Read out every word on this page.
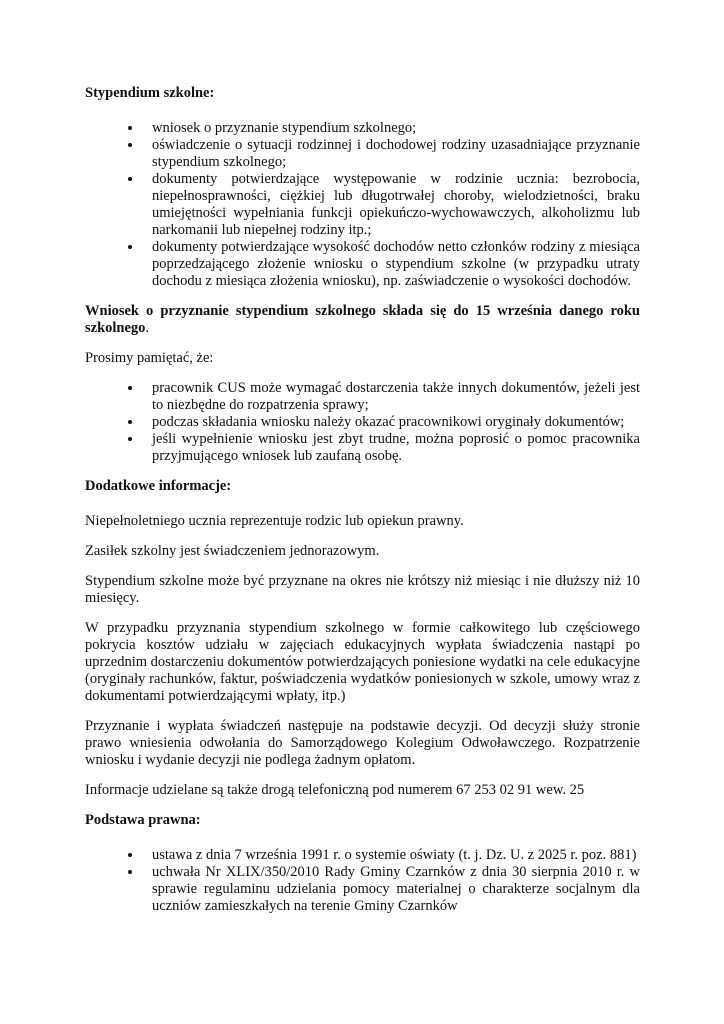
Stypendium szkolne:

• wniosek o przyznanie stypendium szkolnego;
• oświadczenie o sytuacji rodzinnej i dochodowej rodziny uzasadniające przyznanie stypendium szkolnego;
• dokumenty potwierdzające występowanie w rodzinie ucznia: bezrobocia, niepełnosprawności, ciężkiej lub długotrwałej choroby, wielodzietności, braku umiejętności wypełniania funkcji opiekuńczo-wychowawczych, alkoholizmu lub narkomanii lub niepełnej rodziny itp.;
• dokumenty potwierdzające wysokość dochodów netto członków rodziny z miesiąca poprzedzającego złożenie wniosku o stypendium szkolne (w przypadku utraty dochodu z miesiąca złożenia wniosku), np. zaświadczenie o wysokości dochodów.

Wniosek o przyznanie stypendium szkolnego składa się do 15 września danego roku szkolnego.

Prosimy pamiętać, że:

• pracownik CUS może wymagać dostarczenia także innych dokumentów, jeżeli jest to niezbędne do rozpatrzenia sprawy;
• podczas składania wniosku należy okazać pracownikowi oryginały dokumentów;
• jeśli wypełnienie wniosku jest zbyt trudne, można poprosić o pomoc pracownika przyjmującego wniosek lub zaufaną osobę.

Dodatkowe informacje:

Niepełnoletniego ucznia reprezentuje rodzic lub opiekun prawny.

Zasiłek szkolny jest świadczeniem jednorazowym.

Stypendium szkolne może być przyznane na okres nie krótszy niż miesiąc i nie dłuższy niż 10 miesięcy.

W przypadku przyznania stypendium szkolnego w formie całkowitego lub częściowego pokrycia kosztów udziału w zajęciach edukacyjnych wypłata świadczenia nastąpi po uprzednim dostarczeniu dokumentów potwierdzających poniesione wydatki na cele edukacyjne (oryginały rachunków, faktur, poświadczenia wydatków poniesionych w szkole, umowy wraz z dokumentami potwierdzającymi wpłaty, itp.)

Przyznanie i wypłata świadczeń następuje na podstawie decyzji. Od decyzji służy stronie prawo wniesienia odwołania do Samorządowego Kolegium Odwoławczego. Rozpatrzenie wniosku i wydanie decyzji nie podlega żadnym opłatom.

Informacje udzielane są także drogą telefoniczną pod numerem 67 253 02 91 wew. 25

Podstawa prawna:

• ustawa z dnia 7 września 1991 r. o systemie oświaty (t. j. Dz. U. z 2025 r. poz. 881)
• uchwała Nr XLIX/350/2010 Rady Gminy Czarnków z dnia 30 sierpnia 2010 r. w sprawie regulaminu udzielania pomocy materialnej o charakterze socjalnym dla uczniów zamieszkałych na terenie Gminy Czarnków
